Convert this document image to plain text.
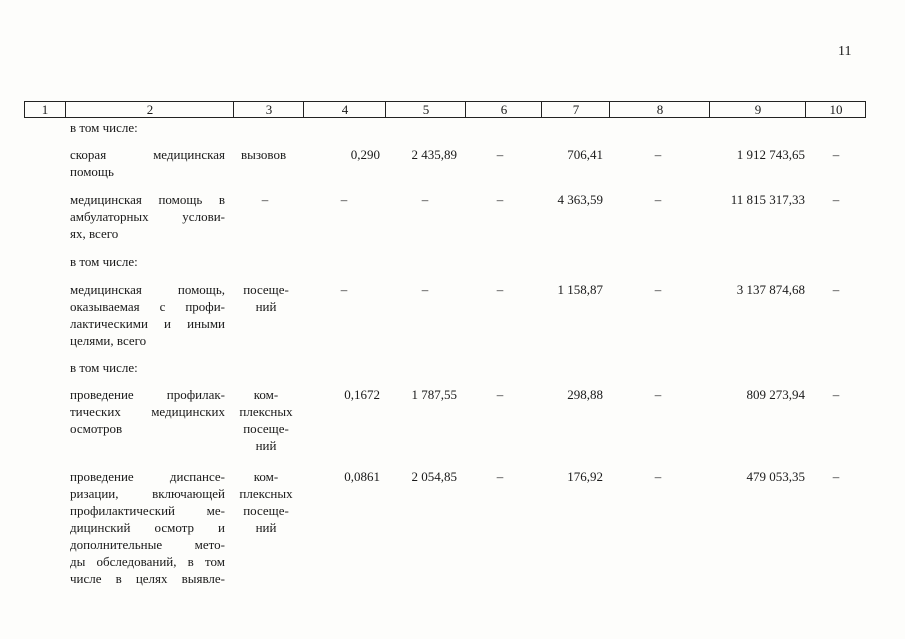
11
1	2	3	4	5	6	7	8	9	10
в том числе:
скорая медицинская
помощь
вызовов	0,290	2 435,89	–	706,41	–	1 912 743,65	–
медицинская помощь в
амбулаторных услови-
ях, всего
–	–	–	–	4 363,59	–	11 815 317,33	–
в том числе:
медицинская помощь,
оказываемая с профи-
лактическими и иными
целями, всего
посеще-
ний
–	–	–	1 158,87	–	3 137 874,68	–
в том числе:
проведение профилак-
тических медицинских
осмотров
ком-
плексных
посеще-
ний
0,1672	1 787,55	–	298,88	–	809 273,94	–
проведение диспансе-
ризации, включающей
профилактический ме-
дицинский осмотр и
дополнительные мето-
ды обследований, в том
числе в целях выявле-
ком-
плексных
посеще-
ний
0,0861	2 054,85	–	176,92	–	479 053,35	–
